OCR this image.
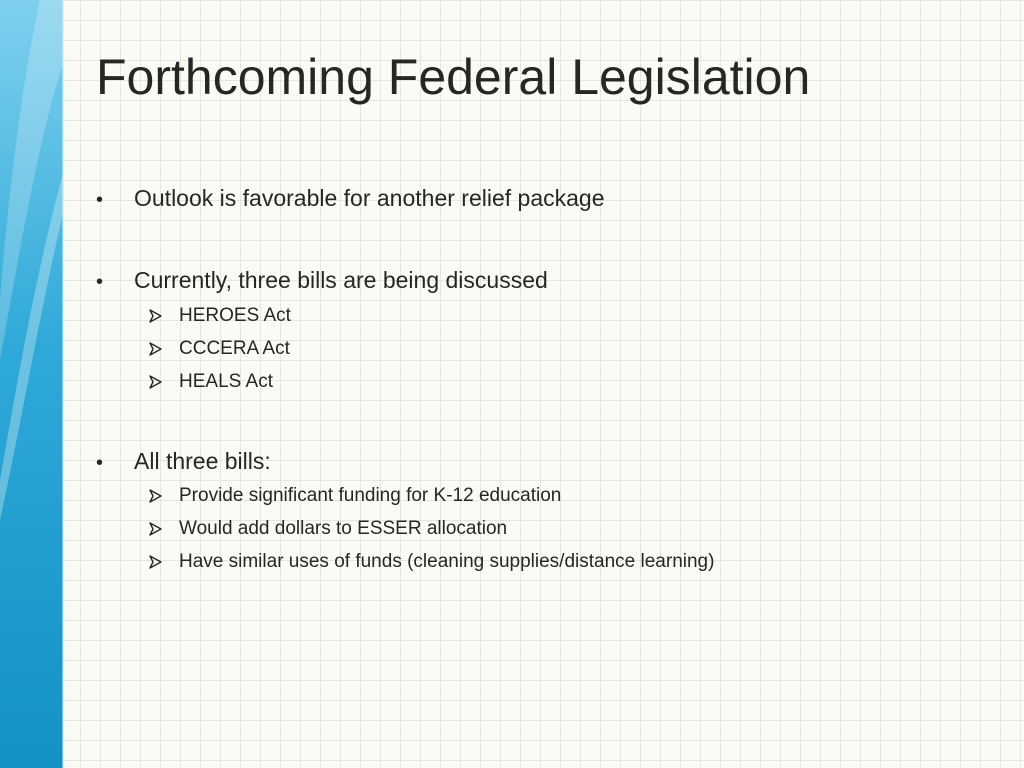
Forthcoming Federal Legislation
• Outlook is favorable for another relief package
• Currently, three bills are being discussed
HEROES Act
CCCERA Act
HEALS Act
• All three bills:
Provide significant funding for K-12 education
Would add dollars to ESSER allocation
Have similar uses of funds (cleaning supplies/distance learning)
